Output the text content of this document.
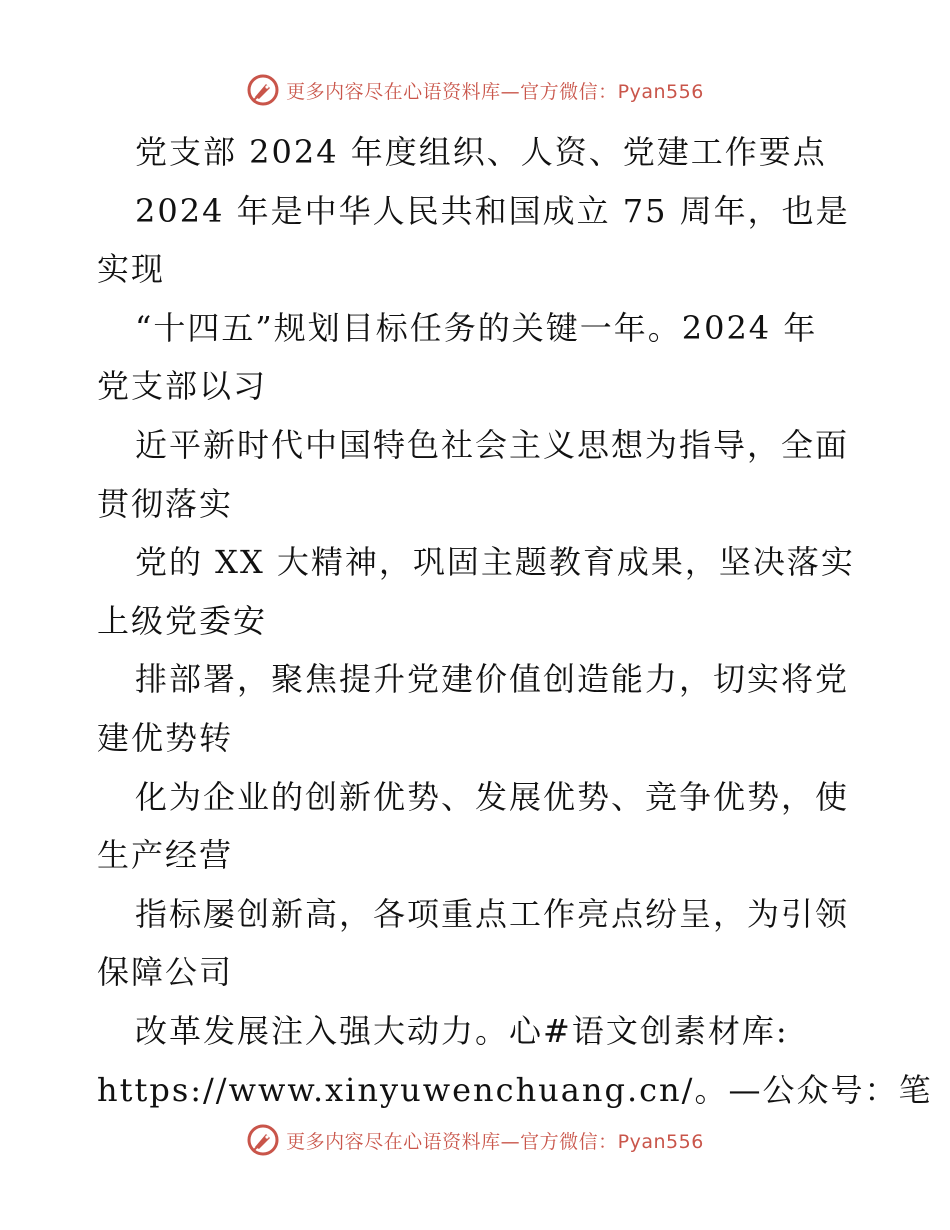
更多内容尽在心语资料库—官方微信：Pyan556
党支部 2024 年度组织、人资、党建工作要点
2024 年是中华人民共和国成立 75 周年，也是
实现
“十四五”规划目标任务的关键一年。2024 年
党支部以习
近平新时代中国特色社会主义思想为指导，全面
贯彻落实
党的 XX 大精神，巩固主题教育成果，坚决落实
上级党委安
排部署，聚焦提升党建价值创造能力，切实将党
建优势转
化为企业的创新优势、发展优势、竞争优势，使
生产经营
指标屡创新高，各项重点工作亮点纷呈，为引领
保障公司
改革发展注入强大动力。心#语文创素材库:
https://www.xinyuwenchuang.cn/。—公众号：笔
更多内容尽在心语资料库—官方微信：Pyan556
